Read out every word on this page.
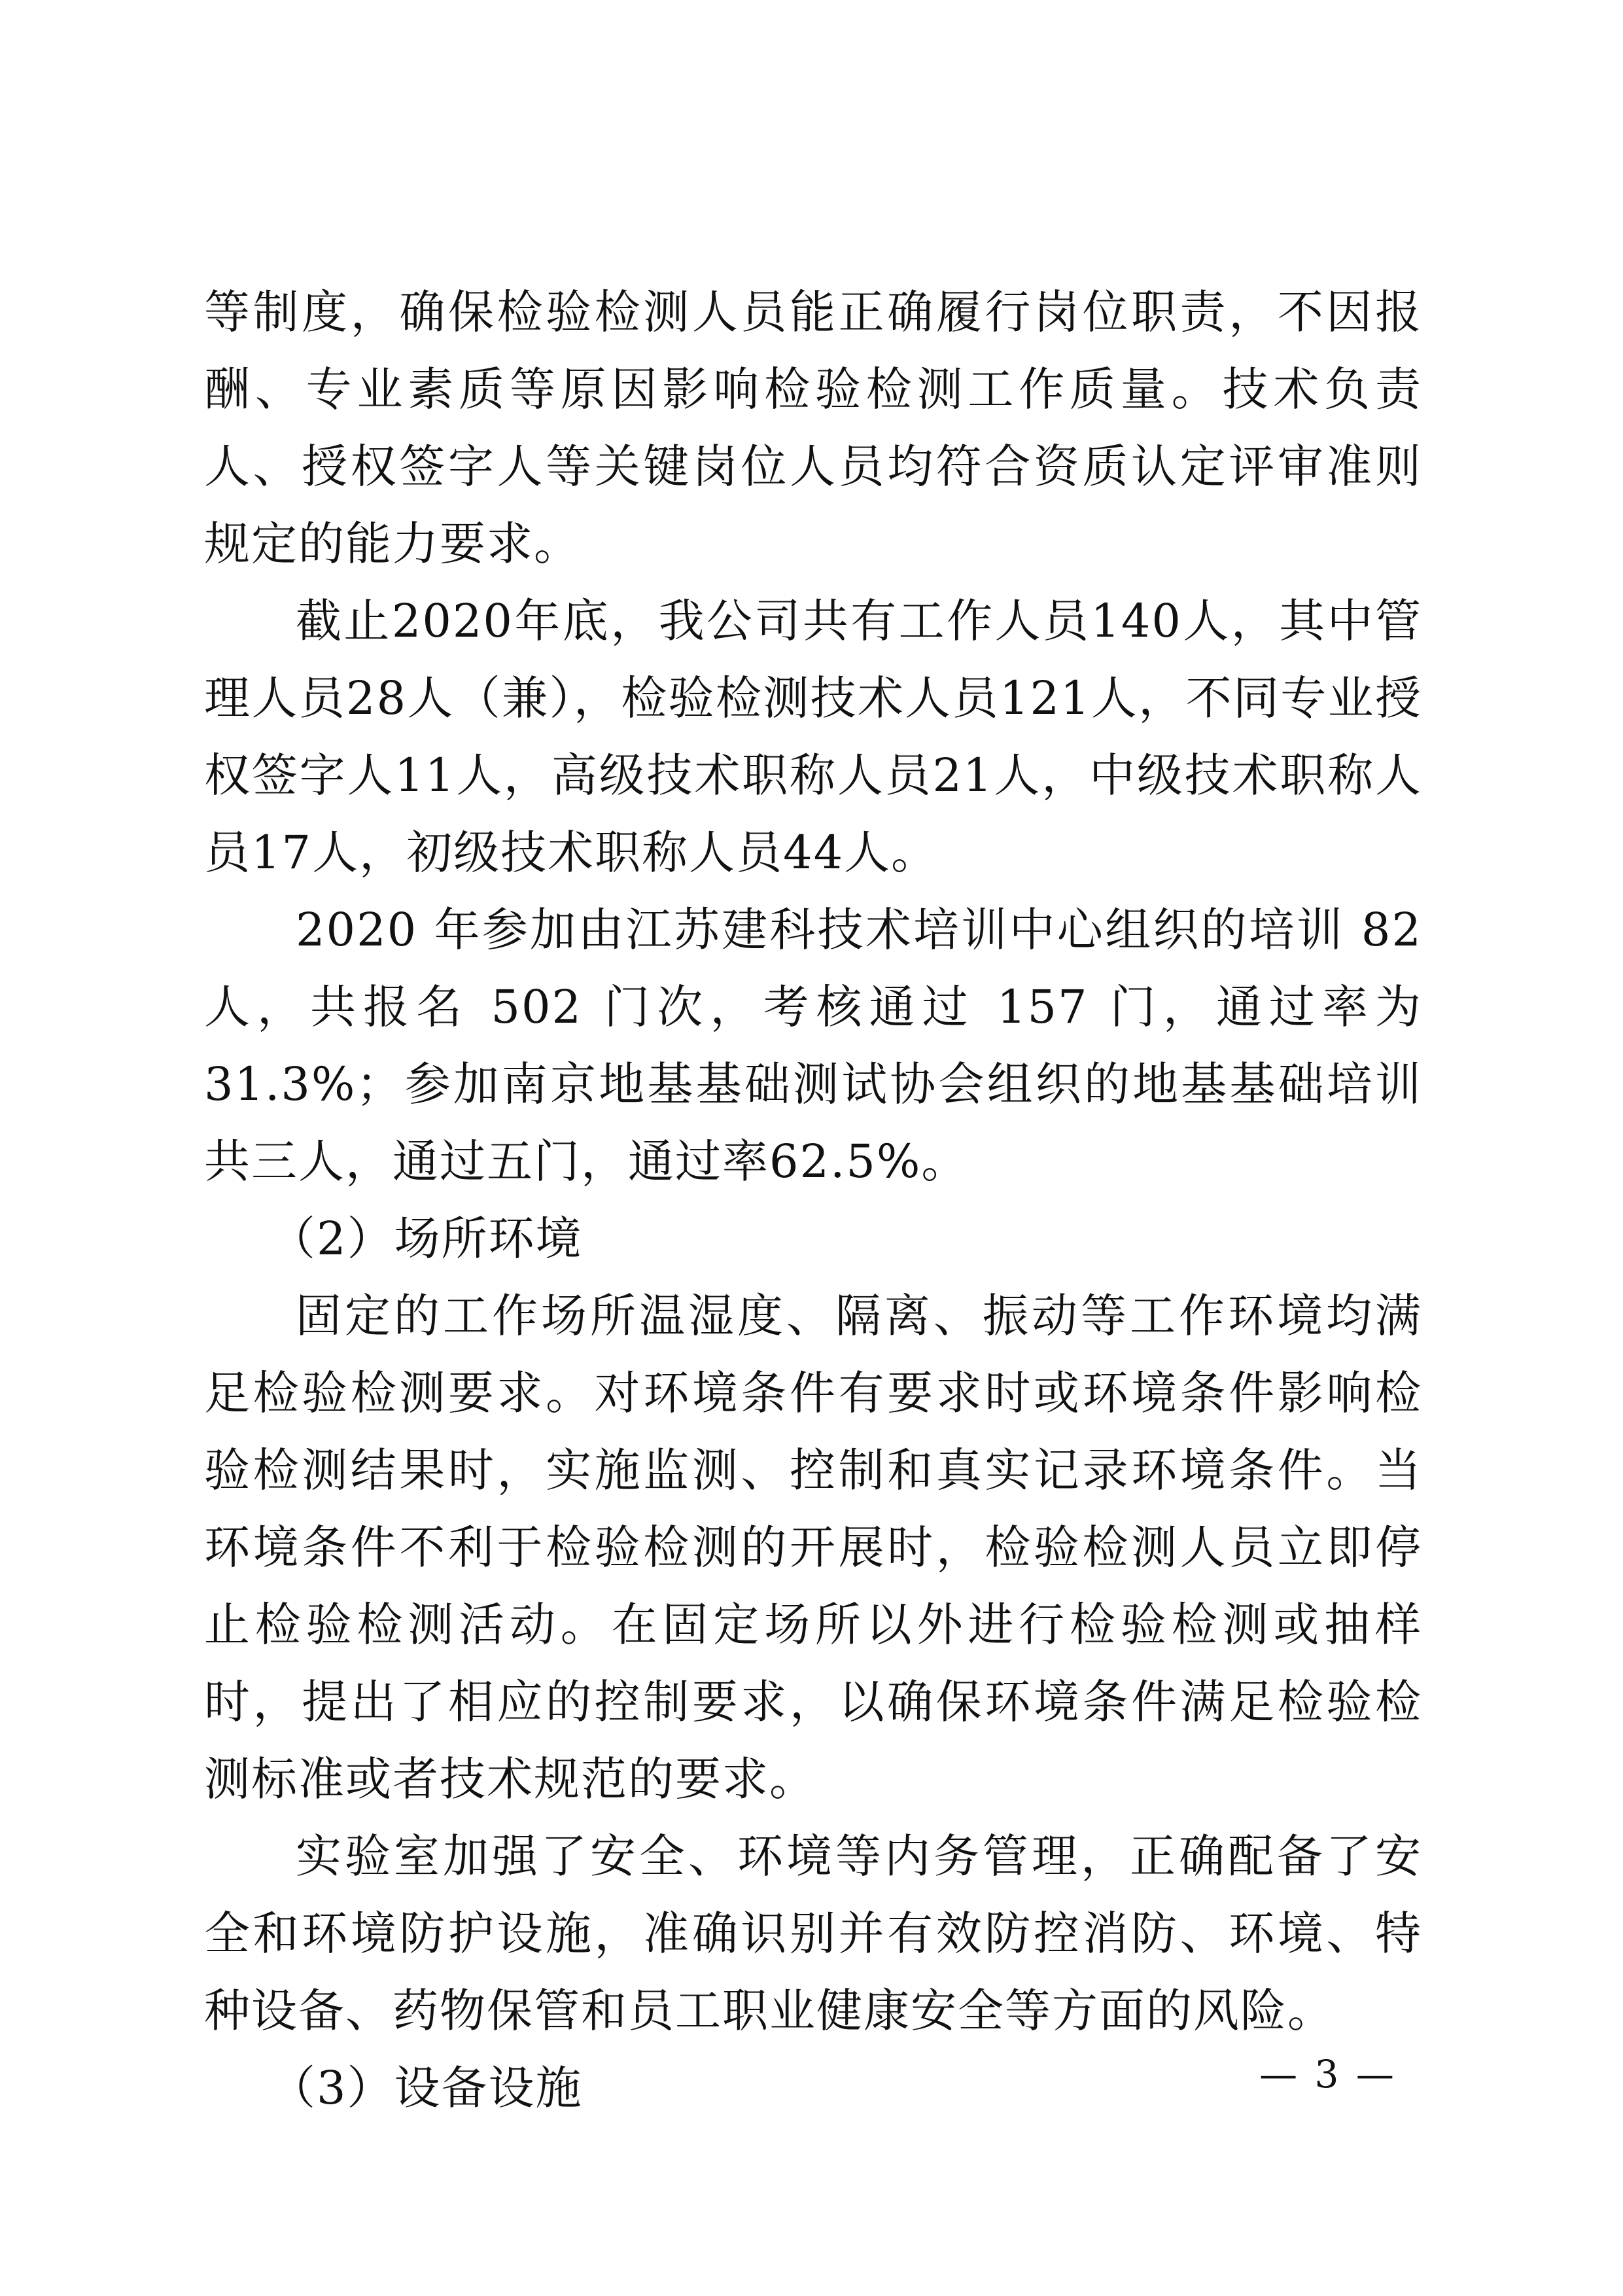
等制度，确保检验检测人员能正确履行岗位职责，不因报酬、专业素质等原因影响检验检测工作质量。技术负责人、授权签字人等关键岗位人员均符合资质认定评审准则规定的能力要求。

截止2020年底，我公司共有工作人员140人，其中管理人员28人（兼），检验检测技术人员121人，不同专业授权签字人11人，高级技术职称人员21人，中级技术职称人员17人，初级技术职称人员44人。

2020 年参加由江苏建科技术培训中心组织的培训 82 人，共报名 502 门次，考核通过 157 门，通过率为 31.3%；参加南京地基基础测试协会组织的地基基础培训共三人，通过五门，通过率62.5%。

（2）场所环境

固定的工作场所温湿度、隔离、振动等工作环境均满足检验检测要求。对环境条件有要求时或环境条件影响检验检测结果时，实施监测、控制和真实记录环境条件。当环境条件不利于检验检测的开展时，检验检测人员立即停止检验检测活动。在固定场所以外进行检验检测或抽样时，提出了相应的控制要求，以确保环境条件满足检验检测标准或者技术规范的要求。

实验室加强了安全、环境等内务管理，正确配备了安全和环境防护设施，准确识别并有效防控消防、环境、特种设备、药物保管和员工职业健康安全等方面的风险。

（3）设备设施	— 3 —
